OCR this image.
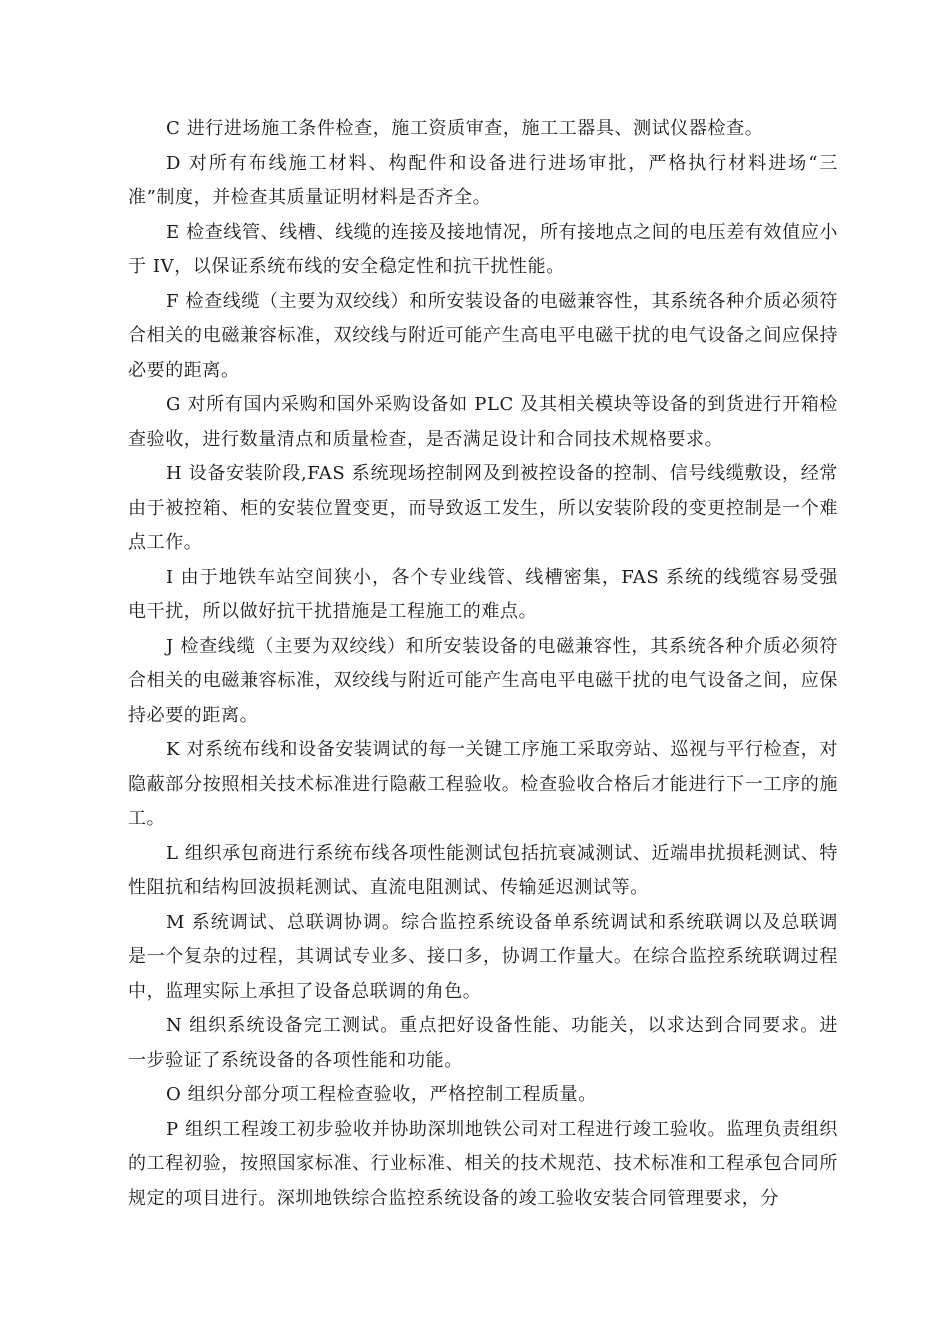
C 进行进场施工条件检查，施工资质审查，施工工器具、测试仪器检查。

D 对所有布线施工材料、构配件和设备进行进场审批，严格执行材料进场“三准”制度，并检查其质量证明材料是否齐全。

E 检查线管、线槽、线缆的连接及接地情况，所有接地点之间的电压差有效值应小于 IV，以保证系统布线的安全稳定性和抗干扰性能。

F 检查线缆（主要为双绞线）和所安装设备的电磁兼容性，其系统各种介质必须符合相关的电磁兼容标准，双绞线与附近可能产生高电平电磁干扰的电气设备之间应保持必要的距离。

G 对所有国内采购和国外采购设备如 PLC 及其相关模块等设备的到货进行开箱检查验收，进行数量清点和质量检查，是否满足设计和合同技术规格要求。

H 设备安装阶段,FAS 系统现场控制网及到被控设备的控制、信号线缆敷设，经常由于被控箱、柜的安装位置变更，而导致返工发生，所以安装阶段的变更控制是一个难点工作。

I 由于地铁车站空间狭小，各个专业线管、线槽密集，FAS 系统的线缆容易受强电干扰，所以做好抗干扰措施是工程施工的难点。

J 检查线缆（主要为双绞线）和所安装设备的电磁兼容性，其系统各种介质必须符合相关的电磁兼容标准，双绞线与附近可能产生高电平电磁干扰的电气设备之间，应保持必要的距离。

K 对系统布线和设备安装调试的每一关键工序施工采取旁站、巡视与平行检查，对隐蔽部分按照相关技术标准进行隐蔽工程验收。检查验收合格后才能进行下一工序的施工。

L 组织承包商进行系统布线各项性能测试包括抗衰减测试、近端串扰损耗测试、特性阻抗和结构回波损耗测试、直流电阻测试、传输延迟测试等。

M 系统调试、总联调协调。综合监控系统设备单系统调试和系统联调以及总联调是一个复杂的过程，其调试专业多、接口多，协调工作量大。在综合监控系统联调过程中，监理实际上承担了设备总联调的角色。

N 组织系统设备完工测试。重点把好设备性能、功能关，以求达到合同要求。进一步验证了系统设备的各项性能和功能。

O 组织分部分项工程检查验收，严格控制工程质量。

P 组织工程竣工初步验收并协助深圳地铁公司对工程进行竣工验收。监理负责组织的工程初验，按照国家标准、行业标准、相关的技术规范、技术标准和工程承包合同所规定的项目进行。深圳地铁综合监控系统设备的竣工验收安装合同管理要求，分
